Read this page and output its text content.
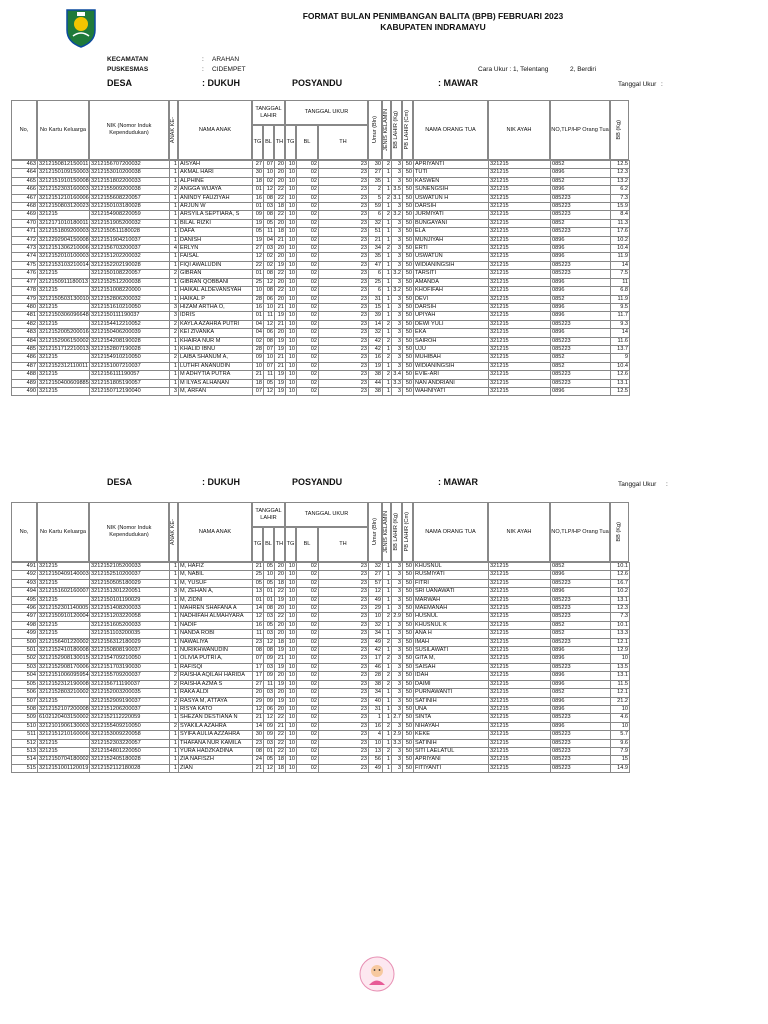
FORMAT BULAN PENIMBANGAN BALITA (BPB) FEBRUARI 2023
KABUPATEN INDRAMAYU
KECAMATAN	: ARAHAN
PUSKESMAS	: CIDEMPET	Cara Ukur : 1, Telentang	2, Berdiri
DESA	: DUKUH	POSYANDU	: MAWAR	Tanggal Ukur :
No, No Kartu Keluarga
NIK (Nomor Induk Kependudukan)	ANAK KE-	NAMA ANAK
TANGGAL LAHIR
TG BL TH
TANGGAL UKUR
TG BL	TH	Umur (Bln) JENIS KELAMIN BB LAHIR (Kg) PB LAHIR (Cm)	NAMA ORANG TUA	NIK AYAH	NO,TLP/HP Orang Tua BB (Kg)
463	3212150812150011	3212156707200032	1	AISYAH	27	07	20	10	02	23	30	2	3	50	APRIYANTI	321215	0852	12.5
464	3212150109150003	3212153010200038	1	AKMAL HARI	30	10	20	10	02	23	27	1	3	50	TUTI	321215	0896	12.3
465	3212151910150008	3212151802200033	1	ALPHINE	18	02	20	10	02	23	35	1	3	50	KASWEN	321215	0852	13.2
466	3212152303160003	3212155909200038	2	ANGGA WIJAYA	01	12	22	10	02	23	2	1	3.5	50	SUNENGSIH	321215	0896	6.2
467	3212151210160006	3212155608220057	1	ANINDY FAUZIYAH	16	08	22	10	02	23	5	2	3.1	50	USWATUN H	321215	085223	7.3
468	3212150803120023	3212150103180028	1	ARJUN W	01	03	18	10	02	23	59	1	3	50	DARSIH	321215	085223	15.9
469	321215	3212154908220059	1	ARSYILA SEPTIARA, S	09	08	22	10	02	23	6	2	3.2	50	JURMIYATI	321215	085223	8.4
470	3212171010180011	3212151905200032	1	BILAL RIZKI	19	05	20	10	02	23	32	1	3	50	BUNGAYANI	321215	0852	11.3
471	3212151809200003	3212150511180028	1	DAFA	05	11	18	10	02	23	51	1	3	50	ELA	321215	085223	17.6
472	3212292904150008	3212151904210037	1	DANISH	19	04	21	10	02	23	21	1	3	50	MUNJIYAH	321215	0896	10.2
473	3212151306210006	3212156703200037	4	ERLYN	27	03	20	10	02	23	34	2	3	50	ERTI	321215	0896	10.4
474	3212152010100003	3212151202200032	1	FAISAL	12	02	20	10	02	23	35	1	3	50	USWATUN	321215	0896	11.9
475	3212153103210014	3212152202190028	1	FIQI AWALUDIN	22	02	19	10	02	23	47	1	3	50	WIDIANINGSIH	321215	085223	14
476	321215	3212150108220057	2	GIBRAN	01	08	22	10	02	23	6	1	3.2	50	TARSITI	321215	085223	7.5
477	3212150911180013	3212152512200038	1	GIBRAN QOBBANI	25	12	20	10	02	23	25	1	3	50	AMANDA	321215	0896	11
478	321215	3212151008220000	1	HAIKAL ALDEVANSYAH	10	08	22	10	02	23	6	1	3.2	50	KHOFIFAH	321215	0896	6.8
479	3212150503130010	3212152806200032	1	HAIKAL P	28	06	20	10	02	23	31	1	3	50	DEVI	321215	0852	11.9
480	321215	3212151610210050	3	HIZAM ARTHA O,	16	10	21	10	02	23	15	1	3	50	DARSIH	321215	0896	9.5
481	3212150306096648	3212150111190037	3	IDRIS	01	11	19	10	02	23	39	1	3	50	UPIYAH	321215	0896	11.7
482	321215	3212154412210052	2	KAYLA AZAHRA PUTRI	04	12	21	10	02	23	14	2	3	50	DEWI YULI	321215	085223	9.3
483	3212152005200016	3212150406200039	2	KEI ZIVANKA	04	06	20	10	02	23	32	1	3	50	EKA	321215	0896	14
484	3212152906150002	3212154208190028	1	KHAIRA NUR M	02	08	19	10	02	23	42	2	3	50	SAIROH	321215	085223	11.6
485	3212151712210013	3212152807190028	1	KHALID IBNU	28	07	19	10	02	23	42	1	3	50	UJU	321215	085223	13.7
486	321215	3212154910210050	2	LAIBA SHANUM A,	09	10	21	10	02	23	16	2	3	50	MUHIBAH	321215	0852	9
487	3212152312110011	3212151007210037	1	LUTHFI ANANUDIN	10	07	21	10	02	23	19	1	3	50	WIDIANINGSIH	321215	0852	10.4
488	321215	3212156111190057	1	M ADHYTIA PUTRA	21	11	19	10	02	23	38	2	3.4	50	EVIE-ARI	321215	085223	12.6
489	3212150400609885	3212151805190057	1	M ILYAS ALHANAN	18	05	19	10	02	23	44	1	3.3	50	NAN ANDRIANI	321215	085223	13.1
490	321215	3212150712190040	3	M, ARFAN	07	12	19	10	02	23	38	1	3	50	WAHNIYATI	321215	0896	12.5
DESA	: DUKUH	POSYANDU	: MAWAR	Tanggal Ukur :
No, No Kartu Keluarga
NIK (Nomor Induk Kependudukan)	ANAK KE-	NAMA ANAK
TANGGAL LAHIR
TG BL TH
TANGGAL UKUR
TG BL	TH	Umur (Bln) JENIS KELAMIN BB LAHIR (Kg) PB LAHIR (Cm)	NAMA ORANG TUA	NIK AYAH	NO,TLP/HP Orang Tua BB (Kg)
491	321215	3212152105200033	1	M, HAFIZ	21	05	20	10	02	23	32	1	3	50	KHUSNUL	321215	0852	10.1
492	3212150409140003	3212152510200037	1	M, NABIL	25	10	20	10	02	23	27	1	3	50	RUSMIYATI	321215	0896	12.6
493	321215	3212150505180029	1	M, YUSUF	05	05	18	10	02	23	57	1	3	50	FITRI	321215	085223	16.7
494	3212151602160007	3212151301220051	3	M, ZEHAN A,	13	01	22	10	02	23	12	1	3	50	SRI UANAWATI	321215	0896	10.2
495	321215	3212150101190029	1	M, ZIDNI	01	01	19	10	02	23	49	1	3	50	MARWAH	321215	085223	13.1
496	3212152301140005	3212151408200033	1	MAHREN SHAFANA A	14	08	20	10	02	23	29	1	3	50	MAEMANAH	321215	085223	12.3
497	3212150910120004	3212151203220058	1	NADHIFAH ALMAHYARA	12	03	22	10	02	23	10	2	2.9	50	HUSNUL	321215	085223	7.3
498	321215	3212151605200033	1	NADIF	16	05	20	10	02	23	32	1	3	50	KHUSNUL K	321215	0852	10.1
499	321215	3212151103200035	1	NANDA ROBI	11	03	20	10	02	23	34	1	3	50	ANA H	321215	0852	13.3
500	3212156401220002	3212156312180029	1	NAWALIYA	23	12	18	10	02	23	49	2	3	50	IMAH	321215	085223	12.1
501	3212152410180008	3212150808190037	1	NURIKHWANUDIN	08	08	19	10	02	23	42	1	3	50	SUSILAWATI	321215	0896	12.9
502	3212152908130015	3212154709210050	1	OLIVIA PUTRI A,	07	09	21	10	02	23	17	2	3	50	GITA M,	321215	0896	10
503	3212152908170006	3212151703190030	1	RAFISQI	17	03	19	10	02	23	46	1	3	50	SAISAH	321215	085223	13.5
504	3212151006095954	3212155709200037	2	RAISHA AQILAH HARIDA	17	09	20	10	02	23	28	2	3	50	IDAH	321215	0896	13.1
505	3212152312190008	3212156711190037	2	RAISHA AZMA S	27	11	19	10	02	23	38	2	3	50	DAIMI	321215	0896	11.5
506	3212152803210002	3212152003200035	1	RAKA ALDI	20	03	20	10	02	23	34	1	3	50	PURNAWANTI	321215	0852	12.1
507	321215	3212152909190037	2	RASYA M, ATTAYA	29	09	19	10	02	23	40	1	3	50	SATINIH	321215	0896	21.2
508	3212152107200008	3212151206200037	1	RISYA KATO	12	06	20	10	02	23	31	1	3	50	UNA	321215	0896	10
509	6102120403150002	3212152112220059	1	SHEZAN DESTIANA N	21	12	22	10	02	23	1	1	2.7	50	SINTA	321215	085223	4.6
510	3212101906130003	3212155409210050	2	SYAKILA AZAHRA	14	09	21	10	02	23	16	2	3	50	NIHAYAH	321215	0896	10
511	3212151210160006	3212153009220058	1	SYIFA AULIA AZZAHRA	30	09	22	10	02	23	4	1	2.9	50	KEKE	321215	085223	5.7
512	321215	3212152303220057	1	THAFANA NUR KAMILA	23	03	22	10	02	23	10	1	3.3	50	SATINIH	321215	085223	9.6
513	321215	3212154801220050	1	YURA HADZKADINA	08	01	22	10	02	23	13	2	3	50	SITI LAELATUL	321215	085223	7.9
514	3212150704180002	3212152405180028	1	ZIA NAFISZH	24	05	18	10	02	23	56	1	3	50	APRIYANI	321215	085223	15
515	3212151001120019	3212152112180028	1	ZIAN	21	12	18	10	02	23	49	1	3	50	FITIYANTI	321215	085223	14.9
